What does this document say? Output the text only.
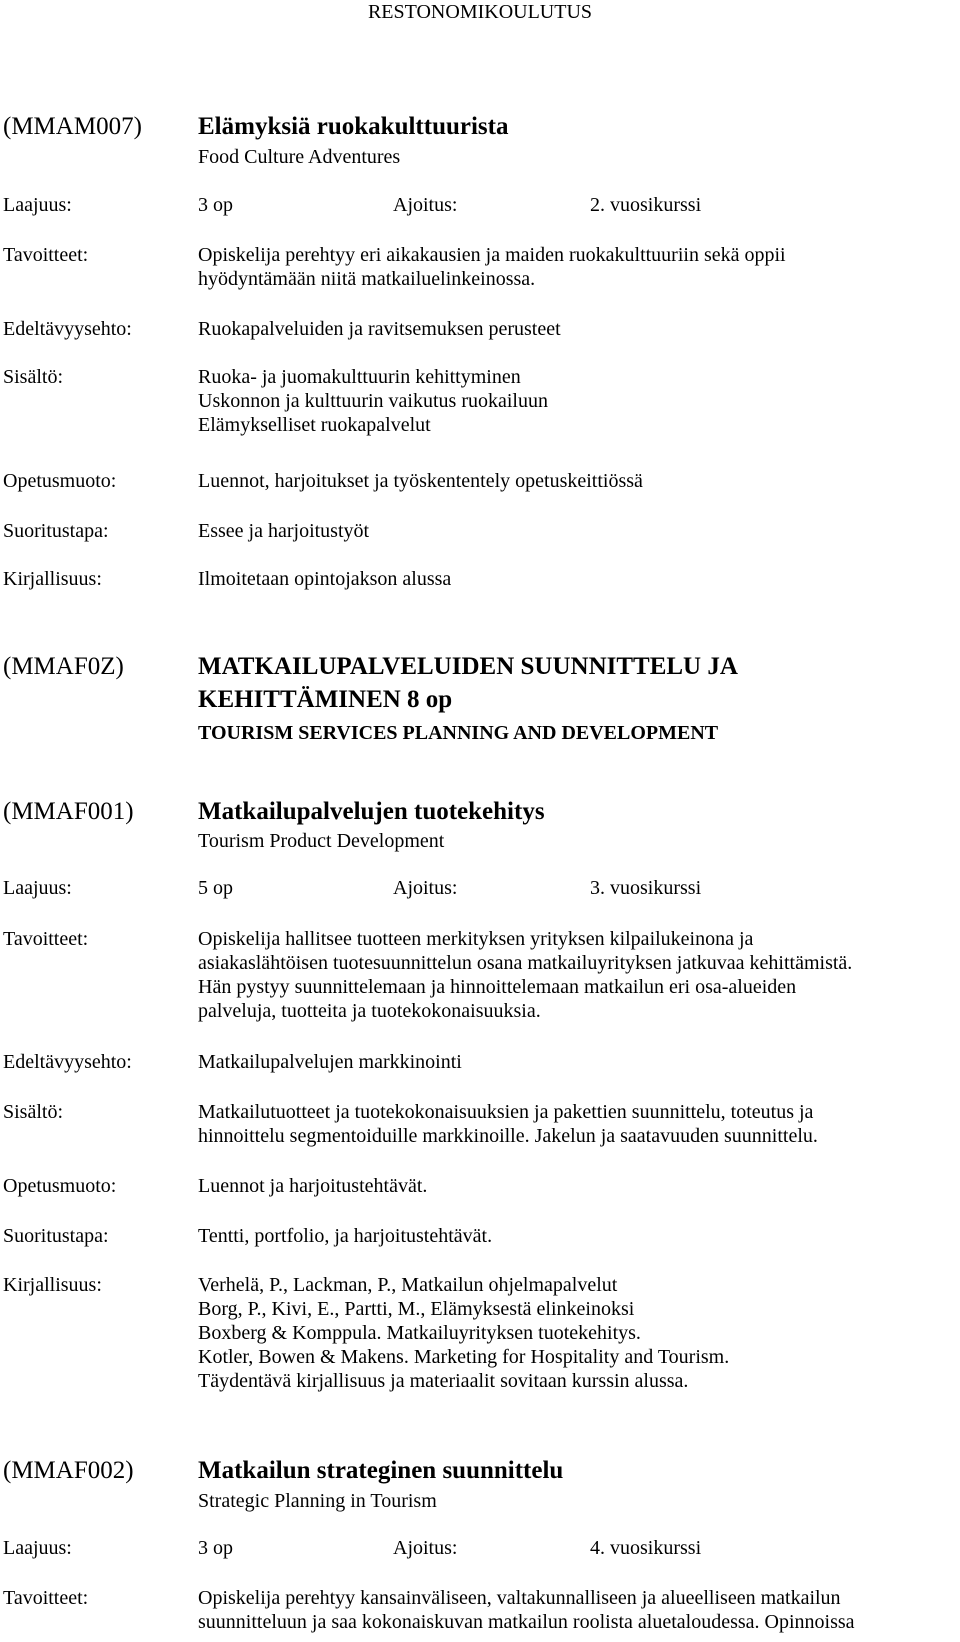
RESTONOMIKOULUTUS
(MMAM007) Elämyksiä ruokakulttuurista
Food Culture Adventures
Laajuus:	3 op	Ajoitus:	2. vuosikurssi
Tavoitteet:	Opiskelija perehtyy eri aikakausien ja maiden ruokakulttuuriin sekä oppii
hyödyntämään niitä matkailuelinkeinossa.
Edeltävyysehto:	Ruokapalveluiden ja ravitsemuksen perusteet
Sisältö:	Ruoka- ja juomakulttuurin kehittyminen
Uskonnon ja kulttuurin vaikutus ruokailuun
Elämykselliset ruokapalvelut
Opetusmuoto:	Luennot, harjoitukset ja työskententely opetuskeittiössä
Suoritustapa:	Essee ja harjoitustyöt
Kirjallisuus:	Ilmoitetaan opintojakson alussa
(MMAF0Z)	MATKAILUPALVELUIDEN SUUNNITTELU JA
KEHITTÄMINEN 8 op
TOURISM SERVICES PLANNING AND DEVELOPMENT
(MMAF001)	Matkailupalvelujen tuotekehitys
Tourism Product Development
Laajuus:	5 op	Ajoitus:	3. vuosikurssi
Tavoitteet:	Opiskelija hallitsee tuotteen merkityksen yrityksen kilpailukeinona ja
asiakaslähtöisen tuotesuunnittelun osana matkailuyrityksen jatkuvaa kehittämistä.
Hän pystyy suunnittelemaan ja hinnoittelemaan matkailun eri osa-alueiden
palveluja, tuotteita ja tuotekokonaisuuksia.
Edeltävyysehto:	Matkailupalvelujen markkinointi
Sisältö:	Matkailutuotteet ja tuotekokonaisuuksien ja pakettien suunnittelu, toteutus ja
hinnoittelu segmentoiduille markkinoille. Jakelun ja saatavuuden suunnittelu.
Opetusmuoto:	Luennot ja harjoitustehtävät.
Suoritustapa:	Tentti, portfolio, ja harjoitustehtävät.
Kirjallisuus:	Verhelä, P., Lackman, P., Matkailun ohjelmapalvelut
Borg, P., Kivi, E., Partti, M., Elämyksestä elinkeinoksi
Boxberg & Komppula. Matkailuyrityksen tuotekehitys.
Kotler, Bowen & Makens. Marketing for Hospitality and Tourism.
Täydentävä kirjallisuus ja materiaalit sovitaan kurssin alussa.
(MMAF002)	Matkailun strateginen suunnittelu
Strategic Planning in Tourism
Laajuus:	3 op	Ajoitus:	4. vuosikurssi
Tavoitteet:	Opiskelija perehtyy kansainväliseen, valtakunnalliseen ja alueelliseen matkailun
suunnitteluun ja saa kokonaiskuvan matkailun roolista aluetaloudessa. Opinnoissa
